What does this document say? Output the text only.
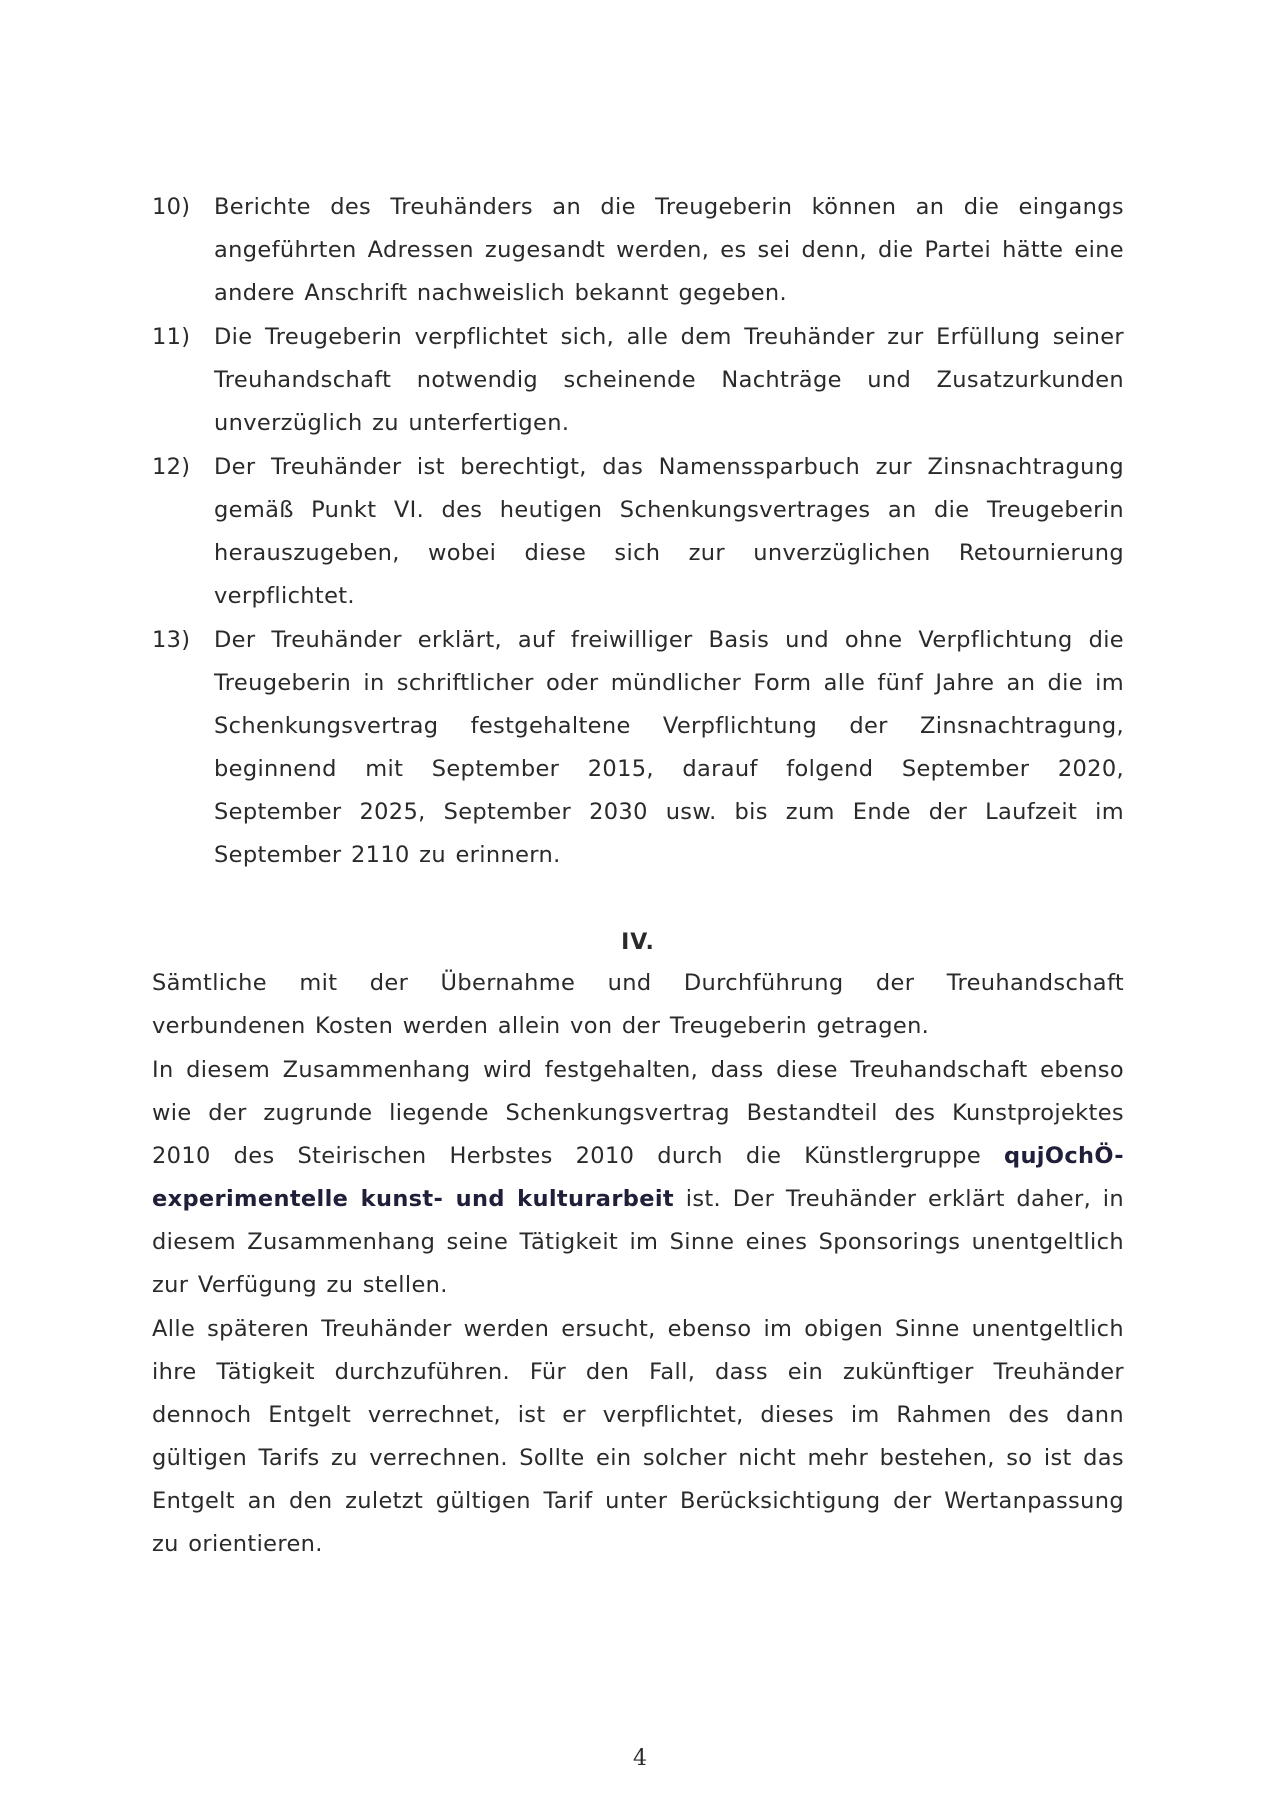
10)	Berichte des Treuhänders an die Treugeberin können an die eingangs angeführten Adressen zugesandt werden, es sei denn, die Partei hätte eine andere Anschrift nachweislich bekannt gegeben.
11)	Die Treugeberin verpflichtet sich, alle dem Treuhänder zur Erfüllung seiner Treuhandschaft notwendig scheinende Nachträge und Zusatzurkunden unverzüglich zu unterfertigen.
12)	Der Treuhänder ist berechtigt, das Namenssparbuch zur Zinsnachtragung gemäß Punkt VI. des heutigen Schenkungsvertrages an die Treugeberin herauszugeben, wobei diese sich zur unverzüglichen Retournierung verpflichtet.
13)	Der Treuhänder erklärt, auf freiwilliger Basis und ohne Verpflichtung die Treugeberin in schriftlicher oder mündlicher Form alle fünf Jahre an die im Schenkungsvertrag festgehaltene Verpflichtung der Zinsnachtragung, beginnend mit September 2015, darauf folgend September 2020, September 2025, September 2030 usw. bis zum Ende der Laufzeit im September 2110 zu erinnern.
IV.

Sämtliche mit der Übernahme und Durchführung der Treuhandschaft verbundenen Kosten werden allein von der Treugeberin getragen.

In diesem Zusammenhang wird festgehalten, dass diese Treuhandschaft ebenso wie der zugrunde liegende Schenkungsvertrag Bestandteil des Kunstprojektes 2010 des Steirischen Herbstes 2010 durch die Künstlergruppe qujOchÖ-experimentelle kunst- und kulturarbeit ist. Der Treuhänder erklärt daher, in diesem Zusammenhang seine Tätigkeit im Sinne eines Sponsorings unentgeltlich zur Verfügung zu stellen.

Alle späteren Treuhänder werden ersucht, ebenso im obigen Sinne unentgeltlich ihre Tätigkeit durchzuführen. Für den Fall, dass ein zukünftiger Treuhänder dennoch Entgelt verrechnet, ist er verpflichtet, dieses im Rahmen des dann gültigen Tarifs zu verrechnen. Sollte ein solcher nicht mehr bestehen, so ist das Entgelt an den zuletzt gültigen Tarif unter Berücksichtigung der Wertanpassung zu orientieren.

4
